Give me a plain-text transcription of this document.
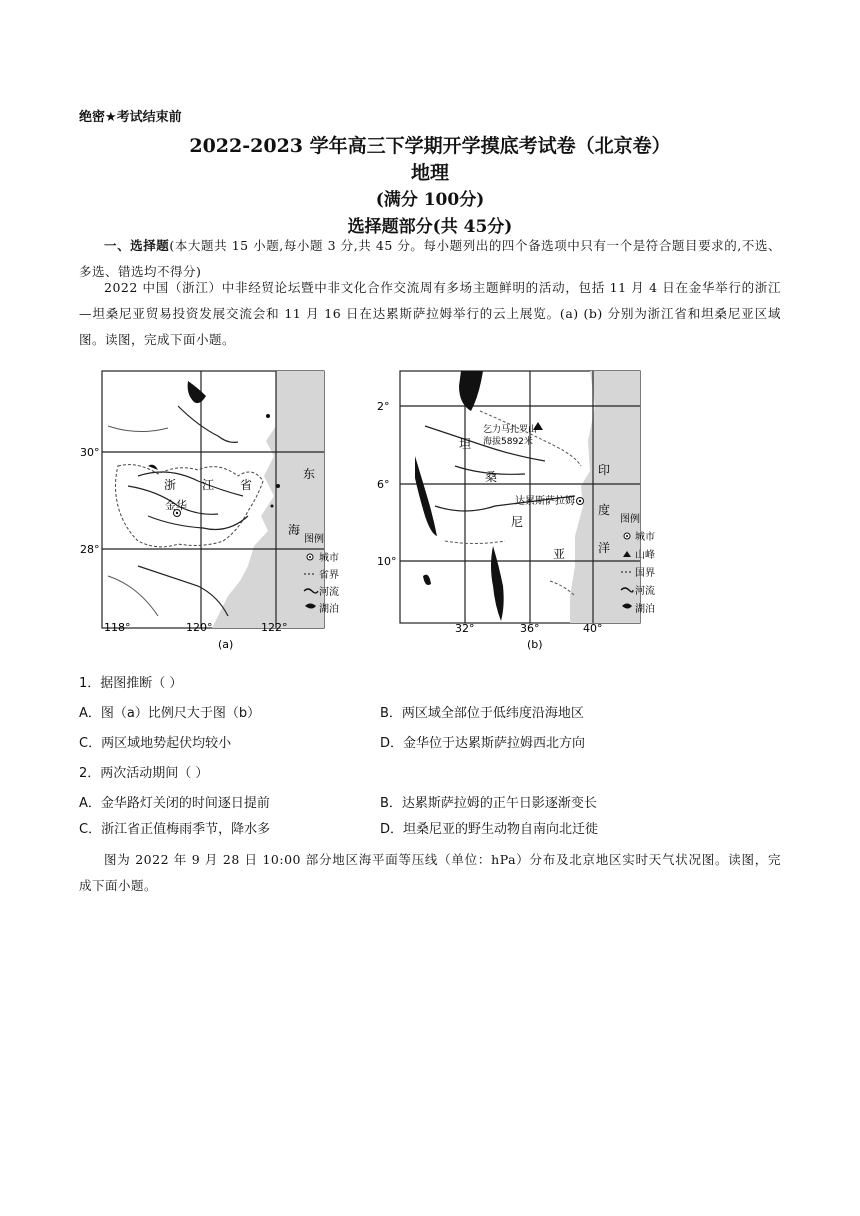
绝密★考试结束前
2022-2023 学年高三下学期开学摸底考试卷（北京卷）
地理
(满分 100分)
选择题部分(共 45分)
一、选择题(本大题共 15 小题,每小题 3 分,共 45 分。每小题列出的四个备选项中只有一个是符合题目要求的,不选、多选、错选均不得分)
2022 中国（浙江）中非经贸论坛暨中非文化合作交流周有多场主题鲜明的活动，包括 11 月 4 日在金华举行的浙江—坦桑尼亚贸易投资发展交流会和 11 月 16 日在达累斯萨拉姆举行的云上展览。(a) (b) 分别为浙江省和坦桑尼亚区域图。读图，完成下面小题。
30°
28°
118°	120°	122°
浙 江 省
金华
东
海
图例
城市
省界
河流
湖泊
(a)
2°
6°
10°
32°	36°	40°
乞力马扎罗山
海拔5892米
达累斯萨拉姆
坦
桑
尼
亚
印
度
洋
图例
城市
山峰
国界
河流
湖泊
(b)
1．据图推断（ ）
A．图（a）比例尺大于图（b）	B．两区域全部位于低纬度沿海地区
C．两区域地势起伏均较小	D．金华位于达累斯萨拉姆西北方向
2．两次活动期间（ ）
A．金华路灯关闭的时间逐日提前	B．达累斯萨拉姆的正午日影逐渐变长
C．浙江省正值梅雨季节，降水多	D．坦桑尼亚的野生动物自南向北迁徙
图为 2022 年 9 月 28 日 10:00 部分地区海平面等压线（单位：hPa）分布及北京地区实时天气状况图。读图，完成下面小题。
